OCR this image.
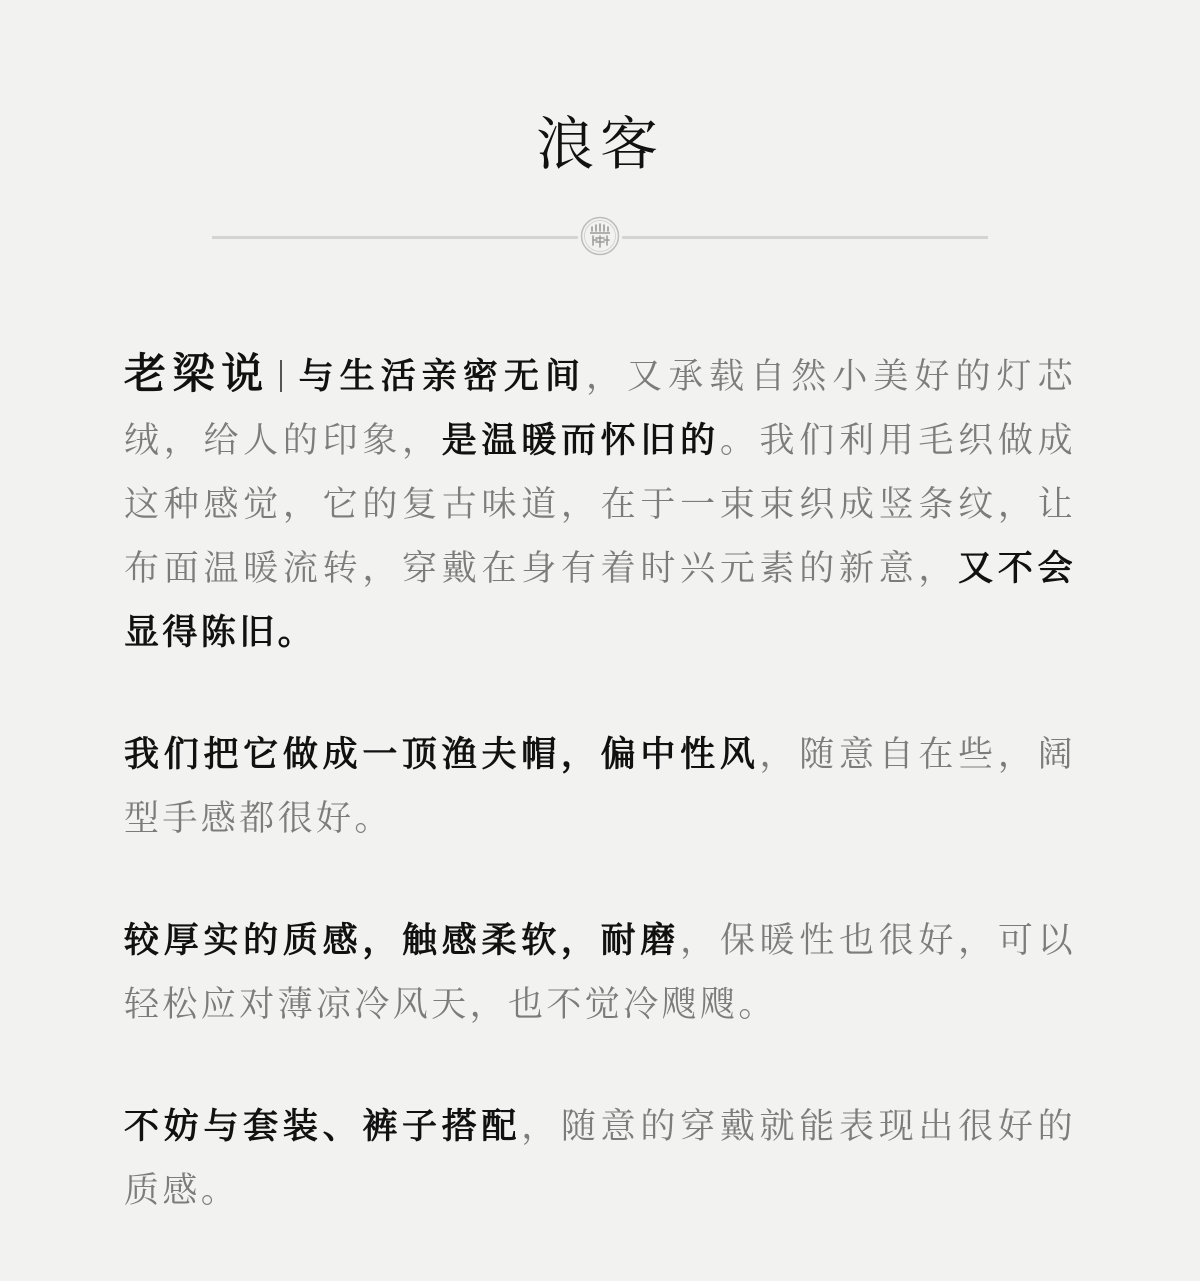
浪客

老梁说 与生活亲密无间，又承载自然小美好的灯芯绒，给人的印象，是温暖而怀旧的。我们利用毛织做成这种感觉，它的复古味道，在于一束束织成竖条纹，让布面温暖流转，穿戴在身有着时兴元素的新意，又不会显得陈旧。

我们把它做成一顶渔夫帽，偏中性风，随意自在些，阔型手感都很好。

较厚实的质感，触感柔软，耐磨，保暖性也很好，可以轻松应对薄凉冷风天，也不觉冷飕飕。

不妨与套装、裤子搭配，随意的穿戴就能表现出很好的质感。
